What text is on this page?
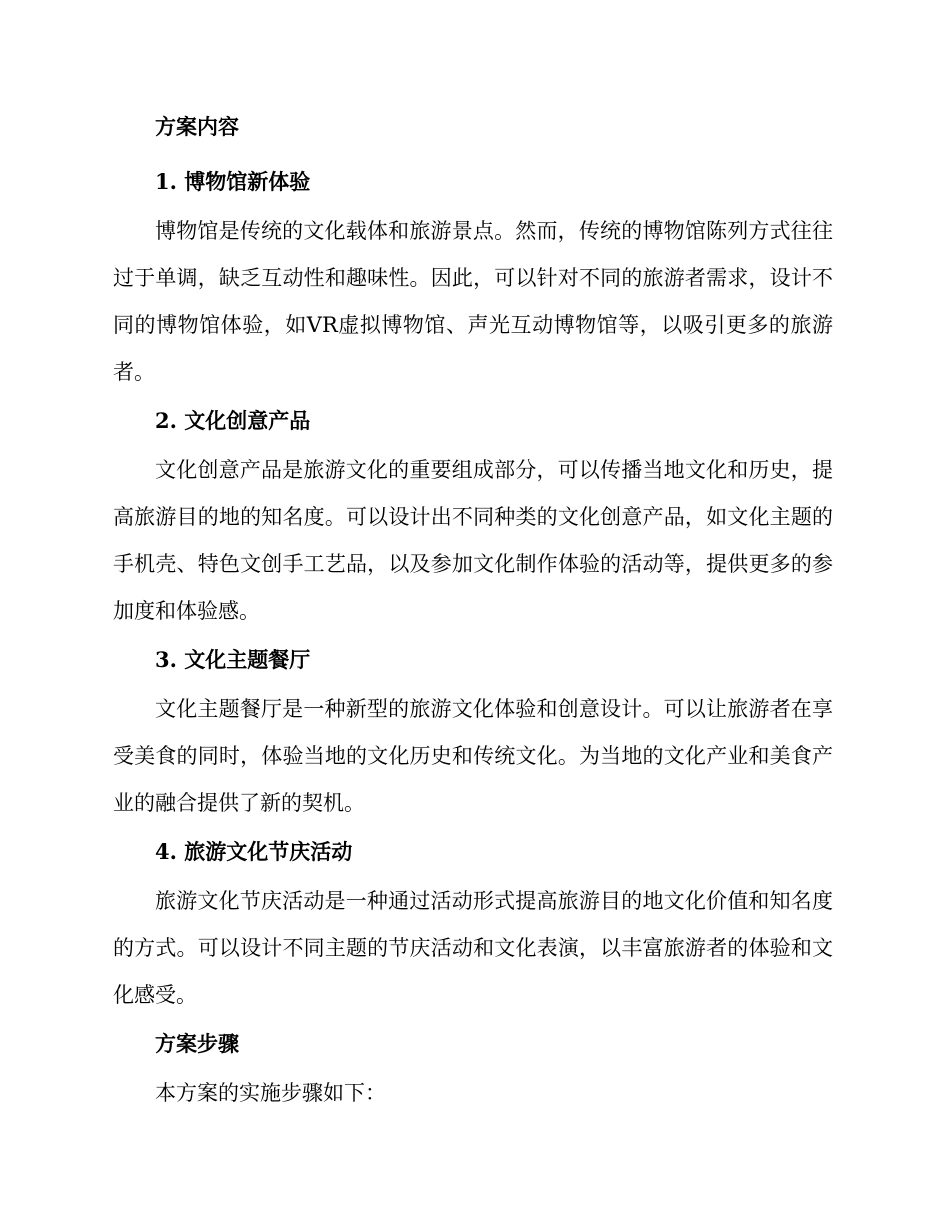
方案内容

1. 博物馆新体验

博物馆是传统的文化载体和旅游景点。然而，传统的博物馆陈列方式往往过于单调，缺乏互动性和趣味性。因此，可以针对不同的旅游者需求，设计不同的博物馆体验，如VR虚拟博物馆、声光互动博物馆等，以吸引更多的旅游者。

2. 文化创意产品

文化创意产品是旅游文化的重要组成部分，可以传播当地文化和历史，提高旅游目的地的知名度。可以设计出不同种类的文化创意产品，如文化主题的手机壳、特色文创手工艺品，以及参加文化制作体验的活动等，提供更多的参加度和体验感。

3. 文化主题餐厅

文化主题餐厅是一种新型的旅游文化体验和创意设计。可以让旅游者在享受美食的同时，体验当地的文化历史和传统文化。为当地的文化产业和美食产业的融合提供了新的契机。

4. 旅游文化节庆活动

旅游文化节庆活动是一种通过活动形式提高旅游目的地文化价值和知名度的方式。可以设计不同主题的节庆活动和文化表演，以丰富旅游者的体验和文化感受。

方案步骤

本方案的实施步骤如下：
